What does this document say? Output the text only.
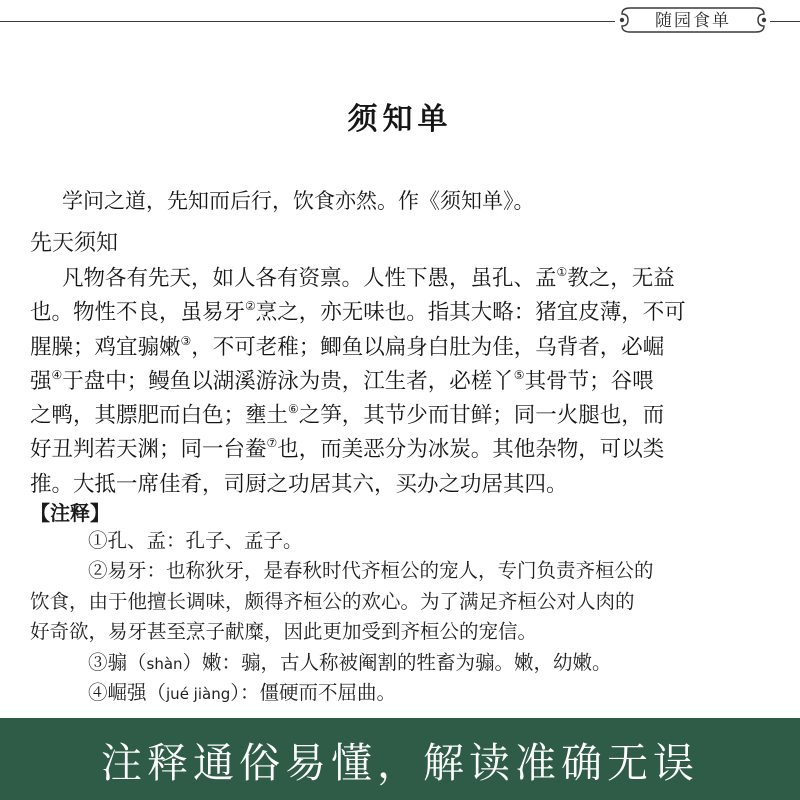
随园食单
须知单

学问之道，先知而后行，饮食亦然。作《须知单》。

先天须知
凡物各有先天，如人各有资禀。人性下愚，虽孔、孟①教之，无益
也。物性不良，虽易牙②烹之，亦无味也。指其大略：猪宜皮薄，不可
腥臊；鸡宜骟嫩③，不可老稚；鲫鱼以扁身白肚为佳，乌背者，必崛
强④于盘中；鳗鱼以湖溪游泳为贵，江生者，必槎丫⑤其骨节；谷喂
之鸭，其膘肥而白色；壅土⑥之笋，其节少而甘鲜；同一火腿也，而
好丑判若天渊；同一台鲞⑦也，而美恶分为冰炭。其他杂物，可以类
推。大抵一席佳肴，司厨之功居其六，买办之功居其四。
【注释】
①孔、孟：孔子、孟子。
②易牙：也称狄牙，是春秋时代齐桓公的宠人，专门负责齐桓公的
饮食，由于他擅长调味，颇得齐桓公的欢心。为了满足齐桓公对人肉的
好奇欲，易牙甚至烹子献糜，因此更加受到齐桓公的宠信。
③骟（shàn）嫩：骟，古人称被阉割的牲畜为骟。嫩，幼嫩。
④崛强（jué jiàng）：僵硬而不屈曲。
注释通俗易懂，解读准确无误
